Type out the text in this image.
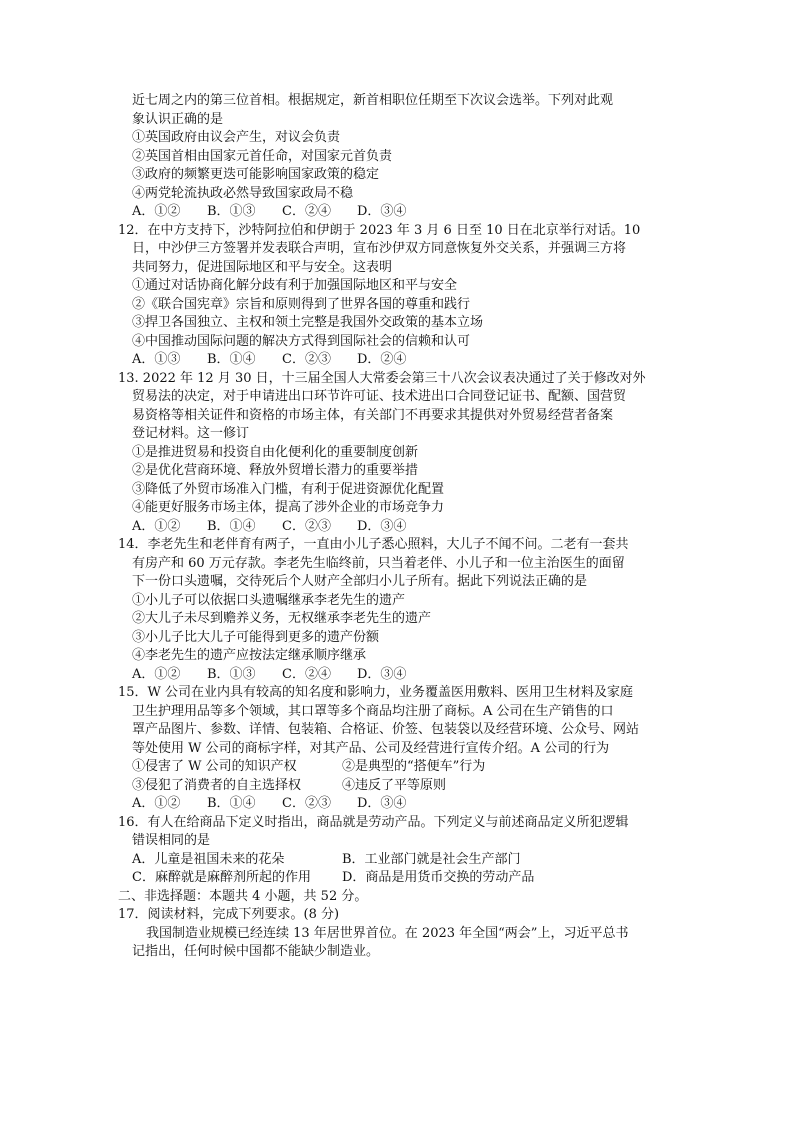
近七周之内的第三位首相。根据规定，新首相职位任期至下次议会选举。下列对此观
象认识正确的是
①英国政府由议会产生，对议会负责
②英国首相由国家元首任命，对国家元首负责
③政府的频繁更迭可能影响国家政策的稳定
④两党轮流执政必然导致国家政局不稳
A．①②	B．①③	C．②④	D．③④
12．在中方支持下，沙特阿拉伯和伊朗于 2023 年 3 月 6 日至 10 日在北京举行对话。10
日，中沙伊三方签署并发表联合声明，宣布沙伊双方同意恢复外交关系，并强调三方将
共同努力，促进国际地区和平与安全。这表明
①通过对话协商化解分歧有利于加强国际地区和平与安全
②《联合国宪章》宗旨和原则得到了世界各国的尊重和践行
③捍卫各国独立、主权和领土完整是我国外交政策的基本立场
④中国推动国际问题的解决方式得到国际社会的信赖和认可
A．①③	B．①④	C．②③	D．②④
13. 2022 年 12 月 30 日，十三届全国人大常委会第三十八次会议表决通过了关于修改对外
贸易法的决定，对于申请进出口环节许可证、技术进出口合同登记证书、配额、国营贸
易资格等相关证件和资格的市场主体，有关部门不再要求其提供对外贸易经营者备案
登记材料。这一修订
①是推进贸易和投资自由化便利化的重要制度创新
②是优化营商环境、释放外贸增长潜力的重要举措
③降低了外贸市场准入门槛，有利于促进资源优化配置
④能更好服务市场主体，提高了涉外企业的市场竞争力
A．①②	B．①④	C．②③	D．③④
14．李老先生和老伴育有两子，一直由小儿子悉心照料，大儿子不闻不问。二老有一套共
有房产和 60 万元存款。李老先生临终前，只当着老伴、小儿子和一位主治医生的面留
下一份口头遗嘱，交待死后个人财产全部归小儿子所有。据此下列说法正确的是
①小儿子可以依据口头遗嘱继承李老先生的遗产
②大儿子未尽到赡养义务，无权继承李老先生的遗产
③小儿子比大儿子可能得到更多的遗产份额
④李老先生的遗产应按法定继承顺序继承
A．①②	B．①③	C．②④	D．③④
15．W 公司在业内具有较高的知名度和影响力，业务覆盖医用敷料、医用卫生材料及家庭
卫生护理用品等多个领域，其口罩等多个商品均注册了商标。A 公司在生产销售的口
罩产品图片、参数、详情、包装箱、合格证、价签、包装袋以及经营环境、公众号、网站
等处使用 W 公司的商标字样，对其产品、公司及经营进行宣传介绍。A 公司的行为
①侵害了 W 公司的知识产权	②是典型的“搭便车”行为
③侵犯了消费者的自主选择权	④违反了平等原则
A．①②	B．①④	C．②③	D．③④
16．有人在给商品下定义时指出，商品就是劳动产品。下列定义与前述商品定义所犯逻辑
错误相同的是
A．儿童是祖国未来的花朵	B．工业部门就是社会生产部门
C．麻醉就是麻醉剂所起的作用	D．商品是用货币交换的劳动产品
二、非选择题：本题共 4 小题，共 52 分。
17．阅读材料，完成下列要求。(8 分)
我国制造业规模已经连续 13 年居世界首位。在 2023 年全国“两会”上，习近平总书
记指出，任何时候中国都不能缺少制造业。
